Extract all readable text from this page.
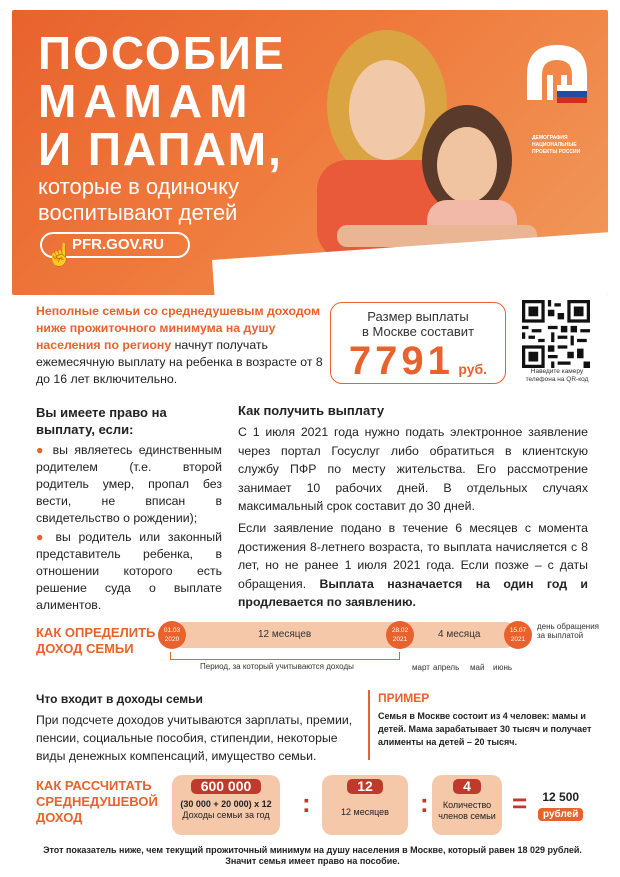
ПОСОБИЕ
МАМАМ
И ПАПАМ,
которые в одиночку
воспитывают детей
PFR.GOV.RU
☝
ДЕМОГРАФИЯ НАЦИОНАЛЬНЫЕ ПРОЕКТЫ РОССИИ
Неполные семьи со среднедушевым доходом ниже прожиточного минимума на душу населения по региону начнут получать ежемесячную выплату на ребенка в возрасте от 8 до 16 лет включительно.
Размер выплаты
в Москве составит
7791 руб.	Наведите камеру телефона на QR-код
Вы имеете право на выплату, если:

● вы являетесь единственным родителем (т.е. второй родитель умер, пропал без вести, не вписан в свидетельство о рождении);

● вы родитель или законный представитель ребенка, в отношении которого есть решение суда о выплате алиментов.

Как получить выплату

С 1 июля 2021 года нужно подать электронное заявление через портал Госуслуг либо обратиться в клиентскую службу ПФР по месту жительства. Его рассмотрение занимает 10 рабочих дней. В отдельных случаях максимальный срок составит до 30 дней.

Если заявление подано в течение 6 месяцев с момента достижения 8-летнего возраста, то выплата начисляется с 8 лет, но не ранее 1 июля 2021 года. Если позже – с даты обращения. Выплата назначается на один год и продлевается по заявлению.

КАК ОПРЕДЕЛИТЬ
ДОХОД СЕМЬИ
01.03 2020	12 месяцев	28.02 2021	4 месяца	15.07 2021
день обращения за выплатой
Период, за который учитываются доходы	март апрель май июнь
Что входит в доходы семьи
При подсчете доходов учитываются зарплаты, премии, пенсии, социальные пособия, стипендии, некоторые виды денежных компенсаций, имущество семьи.
ПРИМЕР
Семья в Москве состоит из 4 человек: мамы и детей. Мама зарабатывает 30 тысяч и получает алименты на детей – 20 тысяч.
КАК РАССЧИТАТЬ
СРЕДНЕДУШЕВОЙ
ДОХОД
600 000
(30 000 + 20 000) х 12
Доходы семьи за год	:
12
12 месяцев	:
4
Количество членов семьи =	12 500
рублей
Этот показатель ниже, чем текущий прожиточный минимум на душу населения в Москве, который равен 18 029 рублей. Значит семья имеет право на пособие.
